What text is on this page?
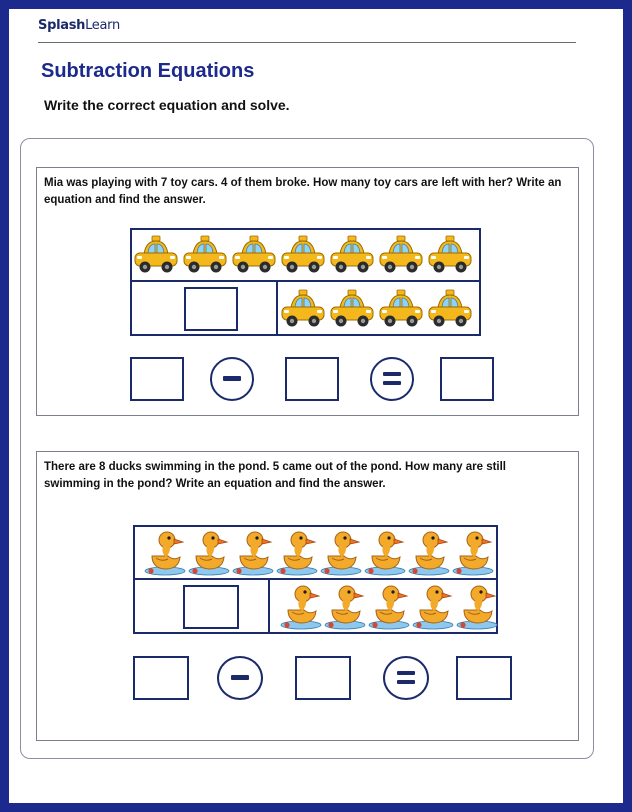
SplashLearn
Subtraction Equations
Write the correct equation and solve.
Mia was playing with 7 toy cars. 4 of them broke. How many toy cars are left with her? Write an equation and find the answer.
There are 8 ducks swimming in the pond. 5 came out of the pond. How many are still swimming in the pond? Write an equation and find the answer.
